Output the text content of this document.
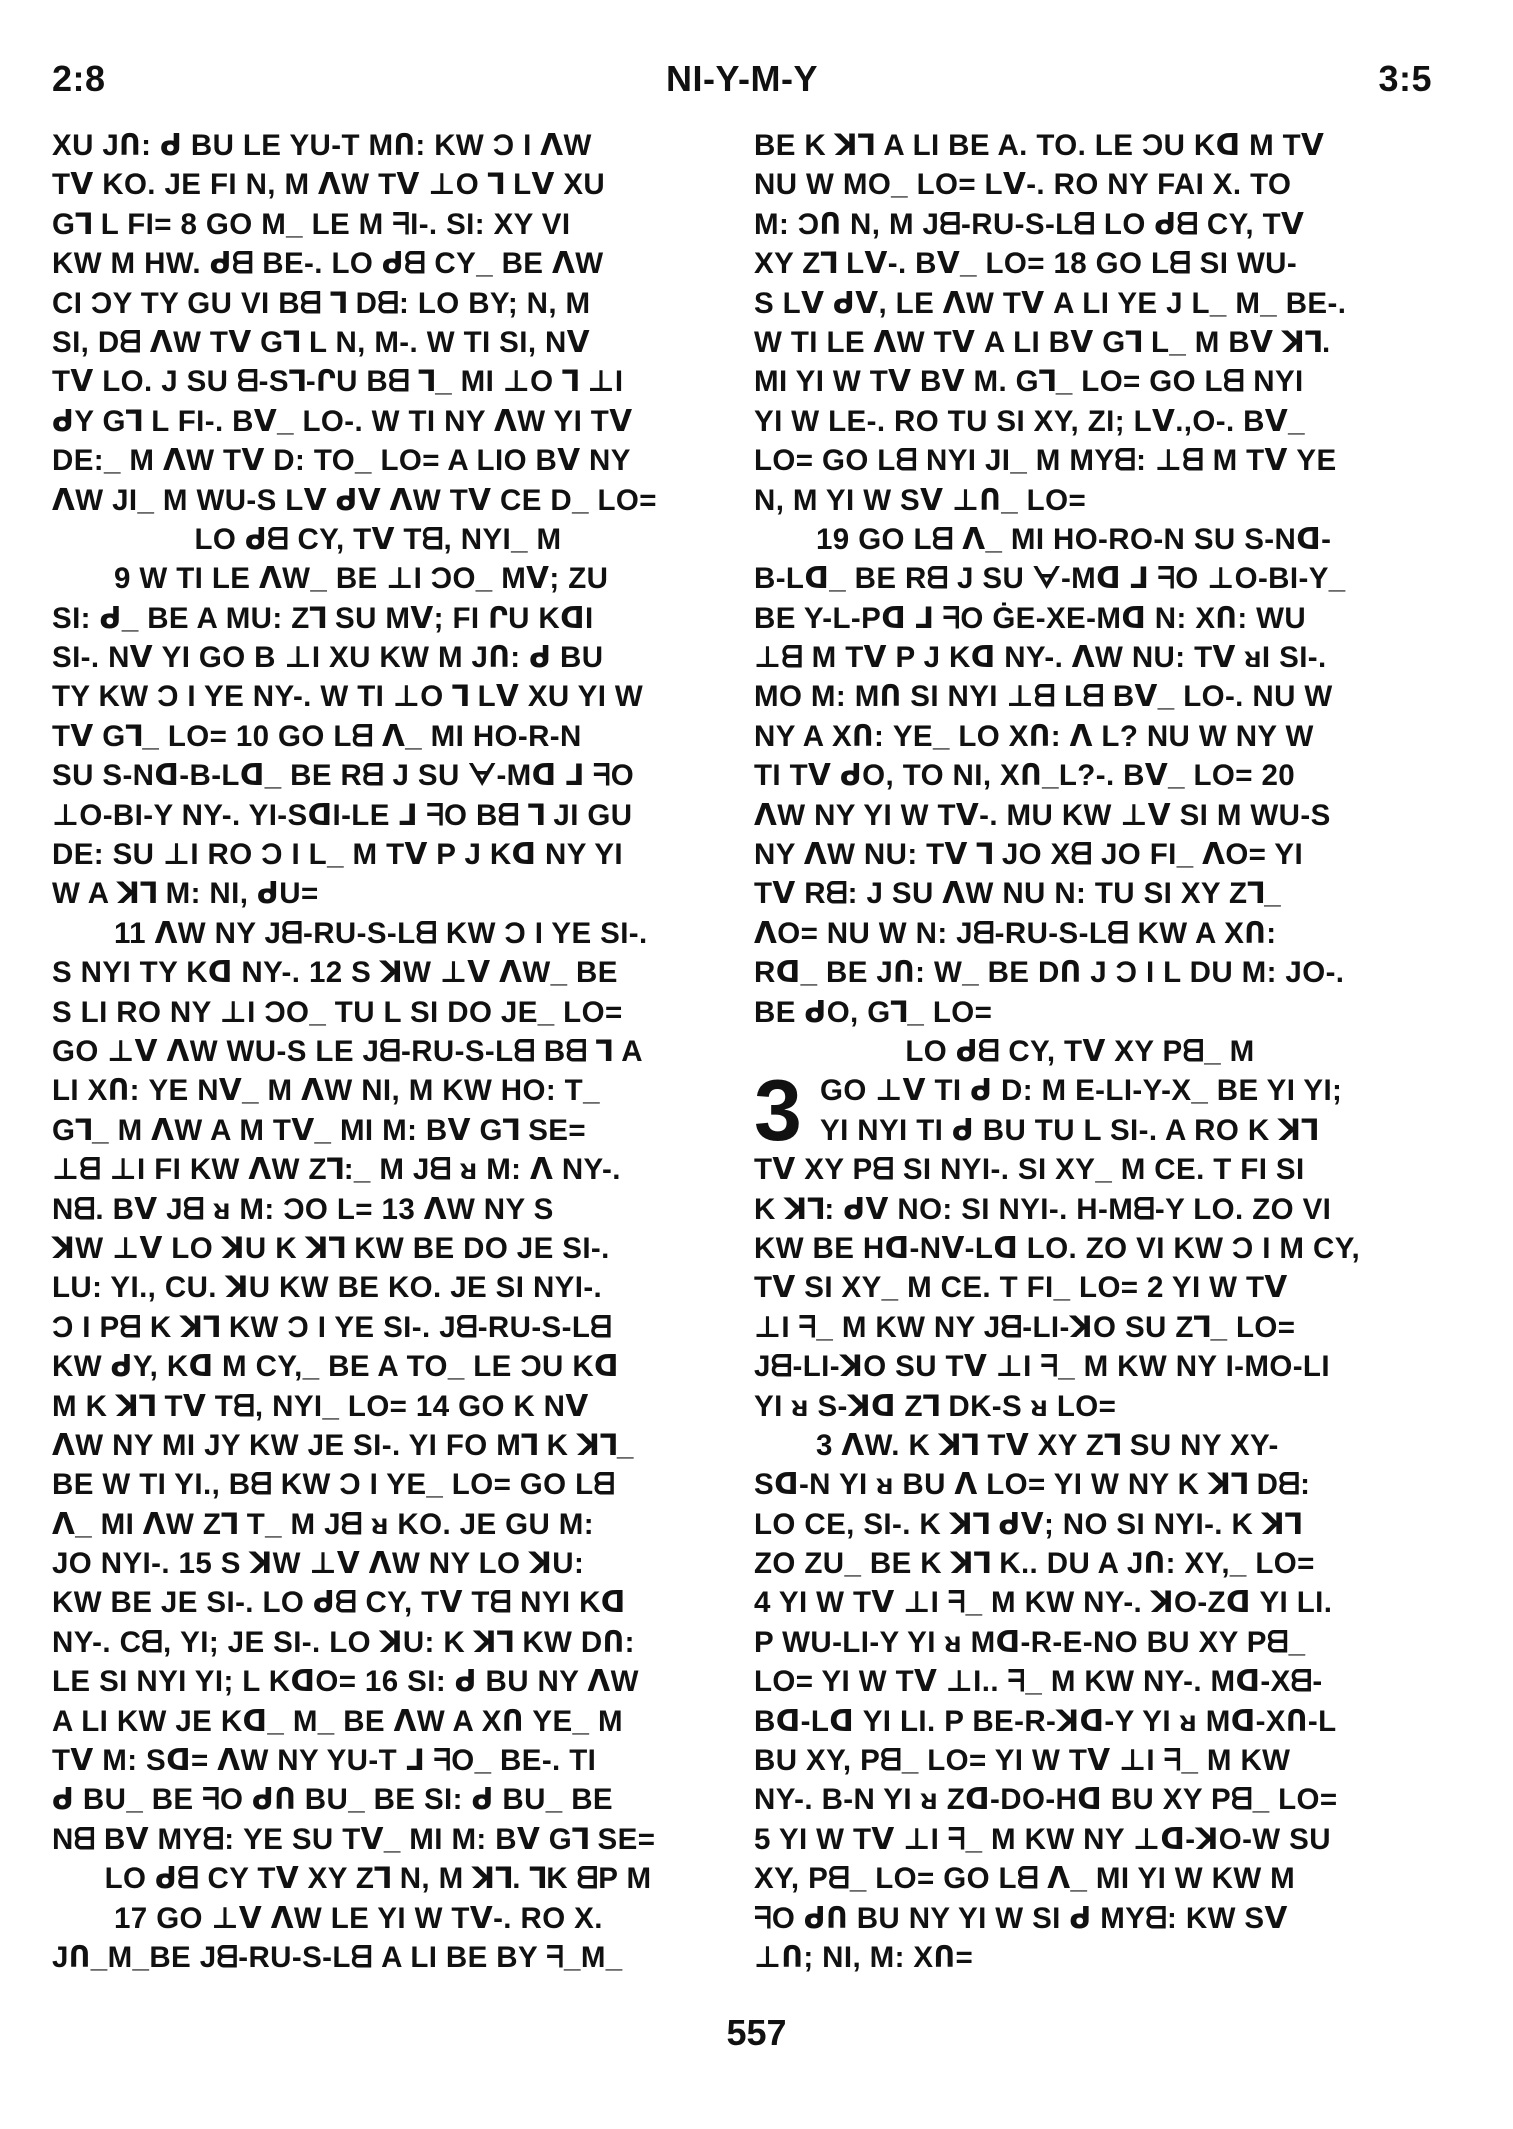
2:8	NI-Y-M-Y	3:5
XU JՈ: ᑯ BU LE YU-T MՈ: KW Ɔ I ᐱW
Tᐯ KO. JE FI N, M ᐱW Tᐯ ⊥O ⅂ Lᐯ XU
G⅂ L FI= 8 GO M_ LE M ᖷI-. SI: XY VI
KW M HW. ᑯᗺ BE-. LO ᑯᗺ CY_ BE ᐱW
CI ƆY TY GU VI Bᗺ ⅂ Dᗺ: LO BY; N, M
SI, Dᗺ ᐱW Tᐯ G⅂ L N, M-. W TI SI, Nᐯ
Tᐯ LO. J SU ᗺ-S⅂-ՐU Bᗺ ⅂_ MI ⊥O ⅂ ⊥I
ᑯY G⅂ L FI-. Bᐯ_ LO-. W TI NY ᐱW YI Tᐯ
DE:_ M ᐱW Tᐯ D: TO_ LO= A LIO Bᐯ NY
ᐱW JI_ M WU-S Lᐯ ᑯᐯ ᐱW Tᐯ CE D_ LO=
LO ᑯᗺ CY, Tᐯ Tᗺ, NYI_ M
9 W TI LE ᐱW_ BE ⊥I ƆO_ Mᐯ; ZU
SI: ᑯ_ BE A MU: Z⅂ SU Mᐯ; FI ՐU KᗡI
SI-. Nᐯ YI GO B ⊥I XU KW M JՈ: ᑯ BU
TY KW Ɔ I YE NY-. W TI ⊥O ⅂ Lᐯ XU YI W
Tᐯ G⅂_ LO= 10 GO Lᗺ ᐱ_ MI HO-R-N
SU S-Nᗡ-B-Lᗡ_ BE Rᗺ J SU ᗄ-Mᗡ ⅃ ᖷO
⊥O-BI-Y NY-. YI-SᗡI-LE ⅃ ᖷO Bᗺ ⅂ JI GU
DE: SU ⊥I RO Ɔ I L_ M Tᐯ P J Kᗡ NY YI
W A ꓘ⅂ M: NI, ᑯU=
11 ᐱW NY Jᗺ-RU-S-Lᗺ KW Ɔ I YE SI-.
S NYI TY Kᗡ NY-. 12 S ꓘW ⊥ᐯ ᐱW_ BE
S LI RO NY ⊥I ƆO_ TU L SI DO JE_ LO=
GO ⊥ᐯ ᐱW WU-S LE Jᗺ-RU-S-Lᗺ Bᗺ ⅂ A
LI XՈ: YE Nᐯ_ M ᐱW NI, M KW HO: T_
G⅂_ M ᐱW A M Tᐯ_ MI M: Bᐯ G⅂ SE=
⊥ᗺ ⊥I FI KW ᐱW Z⅂:_ M Jᗺ ᴚ M: ᐱ NY-.
Nᗺ. Bᐯ Jᗺ ᴚ M: ƆO L= 13 ᐱW NY S
ꓘW ⊥ᐯ LO ꓘU K ꓘ⅂ KW BE DO JE SI-.
LU: YI., CU. ꓘU KW BE KO. JE SI NYI-.
Ɔ I Pᗺ K ꓘ⅂ KW Ɔ I YE SI-. Jᗺ-RU-S-Lᗺ
KW ᑯY, Kᗡ M CY,_ BE A TO_ LE ƆU Kᗡ
M K ꓘ⅂ Tᐯ Tᗺ, NYI_ LO= 14 GO K Nᐯ
ᐱW NY MI JY KW JE SI-. YI FO M⅂ K ꓘ⅂_
BE W TI YI., Bᗺ KW Ɔ I YE_ LO= GO Lᗺ
ᐱ_ MI ᐱW Z⅂ T_ M Jᗺ ᴚ KO. JE GU M:
JO NYI-. 15 S ꓘW ⊥ᐯ ᐱW NY LO ꓘU:
KW BE JE SI-. LO ᑯᗺ CY, Tᐯ Tᗺ NYI Kᗡ
NY-. Cᗺ, YI; JE SI-. LO ꓘU: K ꓘ⅂ KW DՈ:
LE SI NYI YI; L KᗡO= 16 SI: ᑯ BU NY ᐱW
A LI KW JE Kᗡ_ M_ BE ᐱW A XՈ YE_ M
Tᐯ M: Sᗡ= ᐱW NY YU-T ⅃ ᖷO_ BE-. TI
ᑯ BU_ BE ᖷO ᑯՈ BU_ BE SI: ᑯ BU_ BE
Nᗺ Bᐯ MYᗺ: YE SU Tᐯ_ MI M: Bᐯ G⅂ SE=
LO ᑯᗺ CY Tᐯ XY Z⅂ N, M ꓘ⅂. ⅂K ᗺP M
17 GO ⊥ᐯ ᐱW LE YI W Tᐯ-. RO X.
JՈ_M_BE Jᗺ-RU-S-Lᗺ A LI BE BY ᖷ_M_
BE K ꓘ⅂ A LI BE A. TO. LE ƆU Kᗡ M Tᐯ
NU W MO_ LO= Lᐯ-. RO NY FAI X. TO
M: ƆՈ N, M Jᗺ-RU-S-Lᗺ LO ᑯᗺ CY, Tᐯ
XY Z⅂ Lᐯ-. Bᐯ_ LO= 18 GO Lᗺ SI WU-
S Lᐯ ᑯᐯ, LE ᐱW Tᐯ A LI YE J L_ M_ BE-.
W TI LE ᐱW Tᐯ A LI Bᐯ G⅂ L_ M Bᐯ ꓘ⅂.
MI YI W Tᐯ Bᐯ M. G⅂_ LO= GO Lᗺ NYI
YI W LE-. RO TU SI XY, ZI; Lᐯ.,O-. Bᐯ_
LO= GO Lᗺ NYI JI_ M MYᗺ: ⊥ᗺ M Tᐯ YE
N, M YI W Sᐯ ⊥Ո_ LO=
19 GO Lᗺ ᐱ_ MI HO-RO-N SU S-Nᗡ-
B-Lᗡ_ BE Rᗺ J SU ᗄ-Mᗡ ⅃ ᖷO ⊥O-BI-Y_
BE Y-L-Pᗡ ⅃ ᖷO ĠE-XE-Mᗡ N: XՈ: WU
⊥ᗺ M Tᐯ P J Kᗡ NY-. ᐱW NU: Tᐯ ᴚI SI-.
MO M: MՈ SI NYI ⊥ᗺ Lᗺ Bᐯ_ LO-. NU W
NY A XՈ: YE_ LO XՈ: ᐱ L? NU W NY W
TI Tᐯ ᑯO, TO NI, XՈ_L?-. Bᐯ_ LO= 20
ᐱW NY YI W Tᐯ-. MU KW ⊥ᐯ SI M WU-S
NY ᐱW NU: Tᐯ ⅂ JO Xᗺ JO FI_ ᐱO= YI
Tᐯ Rᗺ: J SU ᐱW NU N: TU SI XY Z⅂_
ᐱO= NU W N: Jᗺ-RU-S-Lᗺ KW A XՈ:
Rᗡ_ BE JՈ: W_ BE DՈ J Ɔ I L DU M: JO-.
BE ᑯO, G⅂_ LO=
LO ᑯᗺ CY, Tᐯ XY Pᗺ_ M
3 GO ⊥ᐯ TI ᑯ D: M E-LI-Y-X_ BE YI YI;
YI NYI TI ᑯ BU TU L SI-. A RO K ꓘ⅂
Tᐯ XY Pᗺ SI NYI-. SI XY_ M CE. T FI SI
K ꓘ⅂: ᑯᐯ NO: SI NYI-. H-Mᗺ-Y LO. ZO VI
KW BE Hᗡ-Nᐯ-Lᗡ LO. ZO VI KW Ɔ I M CY,
Tᐯ SI XY_ M CE. T FI_ LO= 2 YI W Tᐯ
⊥I ᖷ_ M KW NY Jᗺ̇-LI-ꓘO SU Z⅂_ LO=
Jᗺ-LI-ꓘO SU Tᐯ ⊥I ᖷ_ M KW NY I-MO-LI
YI ᴚ S-ꓘᗡ Z⅂ DK-S ᴚ LO=
3 ᐱW. K ꓘ⅂ Tᐯ XY Z⅂ SU NY XY-
Sᗡ-N YI ᴚ BU ᐱ LO= YI W NY K ꓘ⅂ Dᗺ:
LO CE, SI-. K ꓘ⅂ ᑯᐯ; NO SI NYI-. K ꓘ⅂
ZO ZU_ BE K ꓘ⅂ K.. DU A JՈ: XY,_ LO=
4 YI W Tᐯ ⊥I ᖷ_ M KW NY-. ꓘO-Zᗡ YI LI.
P WU-LI-Y YI ᴚ Mᗡ-R-E-NO BU XY Pᗺ_
LO= YI W Tᐯ ⊥I.. ᖷ_ M KW NY-. Mᗡ-Xᗺ-
Bᗡ-Lᗡ YI LI. P BE-R-ꓘᗡ-Y YI ᴚ Mᗡ-XՈ-L
BU XY, Pᗺ_ LO= YI W Tᐯ ⊥I ᖷ_ M KW
NY-. B-N YI ᴚ Zᗡ-DO-Hᗡ BU XY Pᗺ_ LO=
5 YI W Tᐯ ⊥I ᖷ_ M KW NY ⊥ᗡ-ꓘO-W SU
XY, Pᗺ_ LO= GO Lᗺ ᐱ_ MI YI W KW M
ᖷO ᑯՈ BU NY YI W SI ᑯ MYᗺ: KW Sᐯ
⊥Ո; NI, M: XՈ=
557
